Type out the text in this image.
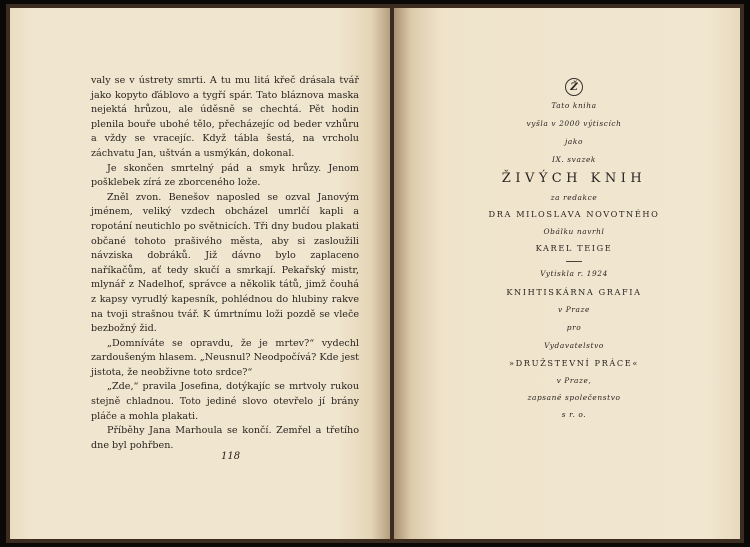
valy se v ústrety smrti. A tu mu litá křeč drásala tvář jako kopyto ďáblovo a tygří spár. Tato bláznova maska nejektá hrůzou, ale úděsně se chechtá. Pět hodin plenila bouře ubohé tělo, přecházejíc od beder vzhůru a vždy se vracejíc. Když tábla šestá, na vrcholu záchvatu Jan, uštván a usmýkán, dokonal.

Je skončen smrtelný pád a smyk hrůzy. Jenom pošklebek zírá ze zborceného lože.

Zněl zvon. Benešov naposled se ozval Janovým jménem, veliký vzdech obcházel umrlčí kapli a ropotání neutichlo po světnicích. Tři dny budou plakati občané tohoto prašivého města, aby si zasloužili návziska dobráků. Již dávno bylo zaplaceno naříkačům, ať tedy skučí a smrkají. Pekařský mistr, mlynář z Nadelhof, správce a několik tátů, jimž čouhá z kapsy vyrudlý kapesník, pohlédnou do hlubiny rakve na tvoji strašnou tvář. K úmrtnímu loži pozdě se vleče bezbožný žid.

„Domníváte se opravdu, že je mrtev?“ vydechl zardoušeným hlasem. „Neusnul? Neodpočívá? Kde jest jistota, že neobživne toto srdce?“

„Zde,“ pravila Josefina, dotýkajíc se mrtvoly rukou stejně chladnou. Toto jediné slovo otevřelo jí brány pláče a mohla plakati.

Příběhy Jana Marhoula se končí. Zemřel a třetího dne byl pohřben.

118
Ž
Tato kniha
vyšla v 2000 výtiscích
jako
IX. svazek
ŽIVÝCH KNIH
za redakce
DRA MILOSLAVA NOVOTNÉHO
Obálku navrhl
KAREL TEIGE
Vytiskla r. 1924
KNIHTISKÁRNA GRAFIA
v Praze
pro
Vydavatelstvo
»DRUŽSTEVNÍ PRÁCE«
v Praze,
zapsané společenstvo
s r. o.
